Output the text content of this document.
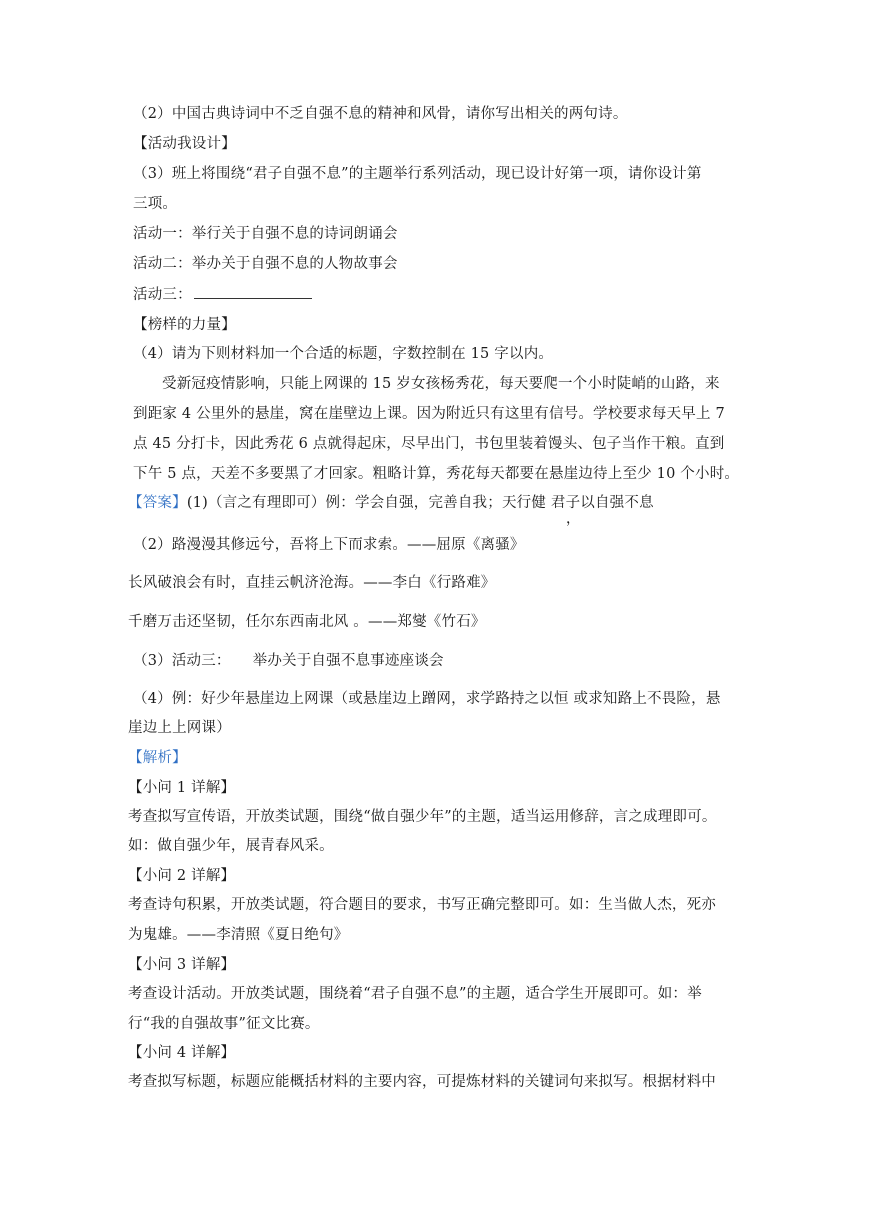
（2）中国古典诗词中不乏自强不息的精神和风骨，请你写出相关的两句诗。
【活动我设计】
（3）班上将围绕“君子自强不息”的主题举行系列活动，现已设计好第一项，请你设计第
三项。
活动一：举行关于自强不息的诗词朗诵会
活动二：举办关于自强不息的人物故事会
活动三：
【榜样的力量】
（4）请为下则材料加一个合适的标题，字数控制在 15 字以内。
受新冠疫情影响，只能上网课的 15 岁女孩杨秀花，每天要爬一个小时陡峭的山路，来
到距家 4 公里外的悬崖，窝在崖壁边上课。因为附近只有这里有信号。学校要求每天早上 7
点 45 分打卡，因此秀花 6 点就得起床，尽早出门，书包里装着馒头、包子当作干粮。直到
下午 5 点，天差不多要黑了才回家。粗略计算，秀花每天都要在悬崖边待上至少 10 个小时。
【答案】(1)（言之有理即可）例：学会自强，完善自我；天行健 君子以自强不息
，
（2）路漫漫其修远兮，吾将上下而求索。——屈原《离骚》
长风破浪会有时，直挂云帆济沧海。——李白《行路难》
千磨万击还坚韧，任尔东西南北风 。——郑燮《竹石》
（3）活动三： 举办关于自强不息事迹座谈会
（4）例：好少年悬崖边上网课（或悬崖边上蹭网，求学路持之以恒 或求知路上不畏险，悬
崖边上上网课）
【解析】
【小问 1 详解】
考查拟写宣传语，开放类试题，围绕“做自强少年”的主题，适当运用修辞，言之成理即可。
如：做自强少年，展青春风采。
【小问 2 详解】
考查诗句积累，开放类试题，符合题目的要求，书写正确完整即可。如：生当做人杰，死亦
为鬼雄。——李清照《夏日绝句》
【小问 3 详解】
考查设计活动。开放类试题，围绕着“君子自强不息”的主题，适合学生开展即可。如：举
行“我的自强故事”征文比赛。
【小问 4 详解】
考查拟写标题，标题应能概括材料的主要内容，可提炼材料的关键词句来拟写。根据材料中
